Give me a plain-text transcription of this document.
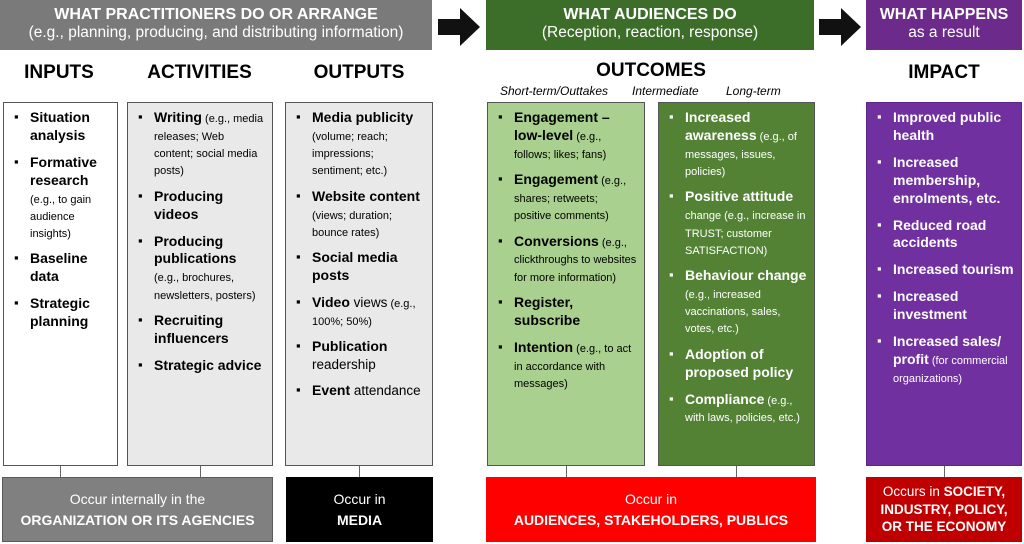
WHAT PRACTITIONERS DO OR ARRANGE
(e.g., planning, producing, and distributing information)
WHAT AUDIENCES DO
(Reception, reaction, response)
WHAT HAPPENS
as a result
INPUTS	ACTIVITIES	OUTPUTS	OUTCOMES	IMPACT
Short-term/Outtakes Intermediate Long-term
▪ Situation analysis
▪ Formative research
(e.g., to gain audience insights)
▪ Baseline data
▪ Strategic planning
▪ Writing (e.g., media releases; Web content; social media posts)
▪ Producing videos
▪ Producing publications
(e.g., brochures, newsletters, posters)
▪ Recruiting influencers
▪ Strategic advice
▪ Media publicity
(volume; reach; impressions; sentiment; etc.)
▪ Website content
(views; duration; bounce rates)
▪ Social media posts
▪ Video views (e.g., 100%; 50%)
▪ Publication
readership
▪ Event attendance
▪ Engagement – low-level (e.g., follows; likes; fans)
▪ Engagement (e.g., shares; retweets; positive comments)
▪ Conversions (e.g., clickthroughs to websites for more information)
▪ Register, subscribe
▪ Intention (e.g., to act in accordance with messages)
▪ Increased awareness (e.g., of messages, issues, policies)
▪ Positive attitude change (e.g., increase in TRUST; customer SATISFACTION)
▪ Behaviour change
(e.g., increased vaccinations, sales, votes, etc.)
▪ Adoption of proposed policy
▪ Compliance (e.g., with laws, policies, etc.)
▪ Improved public health
▪ Increased membership, enrolments, etc.
▪ Reduced road accidents
▪ Increased tourism
▪ Increased investment
▪ Increased sales/ profit (for commercial organizations)
Occur internally in the
ORGANIZATION OR ITS AGENCIES
Occur in
MEDIA
Occur in
AUDIENCES, STAKEHOLDERS, PUBLICS
Occurs in SOCIETY,
INDUSTRY, POLICY,
OR THE ECONOMY
